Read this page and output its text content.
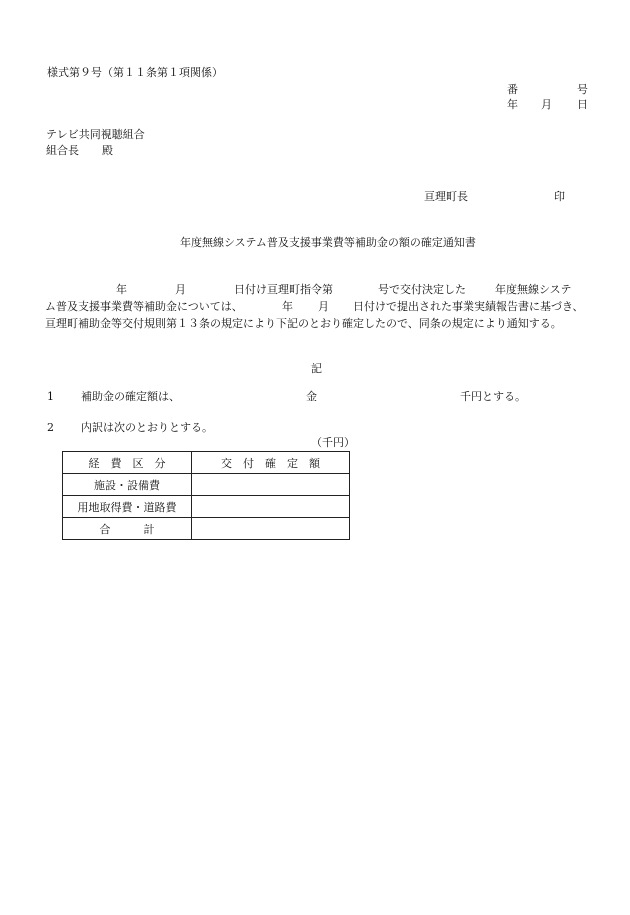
様式第９号（第１１条第１項関係）
番	号
年 月 日
テレビ共同視聴組合
組合長 殿
亘理町長	印
年度無線システム普及支援事業費等補助金の額の確定通知書
年	月	日付け亘理町指令第	号で交付決定した	年度無線システ
ム普及支援事業費等補助金については、	年 月 日付けで提出された事業実績報告書に基づき、
亘理町補助金等交付規則第１３条の規定により下記のとおり確定したので、同条の規定により通知する。
記
1 補助金の確定額は、	金	千円とする。
2 内訳は次のとおりとする。
（千円）
経　費　区　分	交　付　確　定　額
施設・設備費	
用地取得費・道路費	
合　　　計	
